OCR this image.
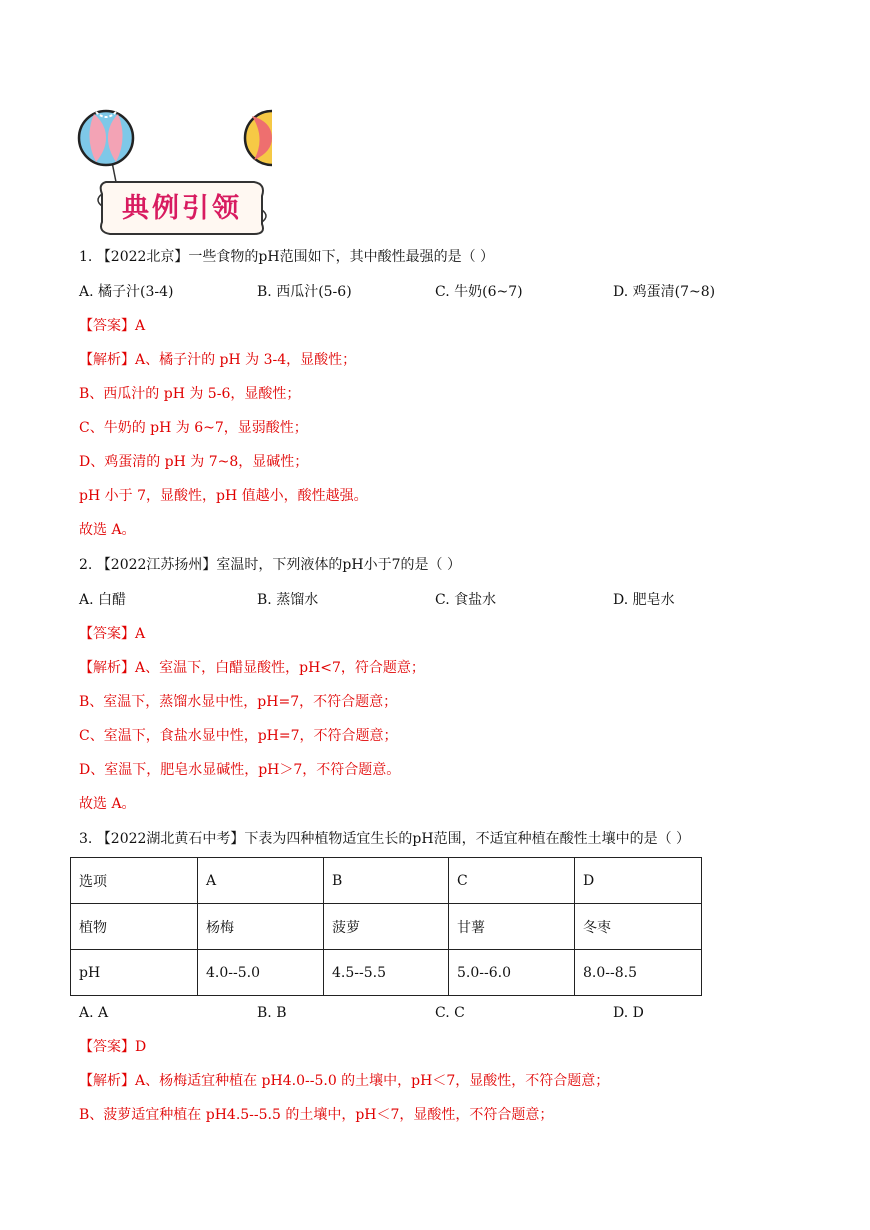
典例引领
1. 【2022北京】一些食物的pH范围如下，其中酸性最强的是（ ）
A. 橘子汁(3-4)	B. 西瓜汁(5-6)	C. 牛奶(6~7)	D. 鸡蛋清(7~8)
【答案】A
【解析】A、橘子汁的 pH 为 3-4，显酸性；
B、西瓜汁的 pH 为 5-6，显酸性；
C、牛奶的 pH 为 6~7，显弱酸性；
D、鸡蛋清的 pH 为 7~8，显碱性；
pH 小于 7，显酸性，pH 值越小，酸性越强。
故选 A。
2. 【2022江苏扬州】室温时，下列液体的pH小于7的是（ ）
A. 白醋	B. 蒸馏水	C. 食盐水	D. 肥皂水
【答案】A
【解析】A、室温下，白醋显酸性，pH<7，符合题意；
B、室温下，蒸馏水显中性，pH=7，不符合题意；
C、室温下，食盐水显中性，pH=7，不符合题意；
D、室温下，肥皂水显碱性，pH＞7，不符合题意。
故选 A。
3. 【2022湖北黄石中考】下表为四种植物适宜生长的pH范围，不适宜种植在酸性土壤中的是（ ）
选项	A	B	C	D
植物	杨梅	菠萝	甘薯	冬枣
pH	4.0--5.0	4.5--5.5	5.0--6.0	8.0--8.5
A. A	B. B	C. C	D. D
【答案】D
【解析】A、杨梅适宜种植在 pH4.0--5.0 的土壤中，pH＜7，显酸性，不符合题意；
B、菠萝适宜种植在 pH4.5--5.5 的土壤中，pH＜7，显酸性，不符合题意；
